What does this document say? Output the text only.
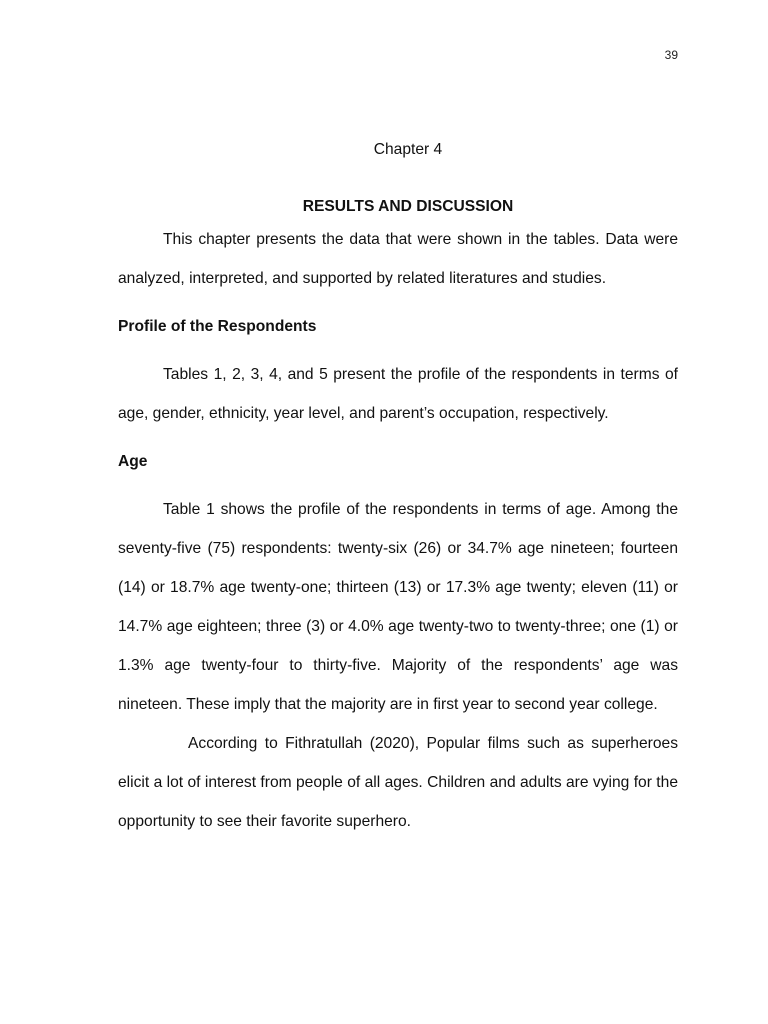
39
Chapter 4
RESULTS AND DISCUSSION

This chapter presents the data that were shown in the tables. Data were analyzed, interpreted, and supported by related literatures and studies.

Profile of the Respondents

Tables 1, 2, 3, 4, and 5 present the profile of the respondents in terms of age, gender, ethnicity, year level, and parent’s occupation, respectively.

Age

Table 1 shows the profile of the respondents in terms of age. Among the seventy-five (75) respondents: twenty-six (26) or 34.7% age nineteen; fourteen (14) or 18.7% age twenty-one; thirteen (13) or 17.3% age twenty; eleven (11) or 14.7% age eighteen; three (3) or 4.0% age twenty-two to twenty-three; one (1) or 1.3% age twenty-four to thirty-five. Majority of the respondents’ age was nineteen. These imply that the majority are in first year to second year college.

According to Fithratullah (2020), Popular films such as superheroes elicit a lot of interest from people of all ages. Children and adults are vying for the opportunity to see their favorite superhero.
